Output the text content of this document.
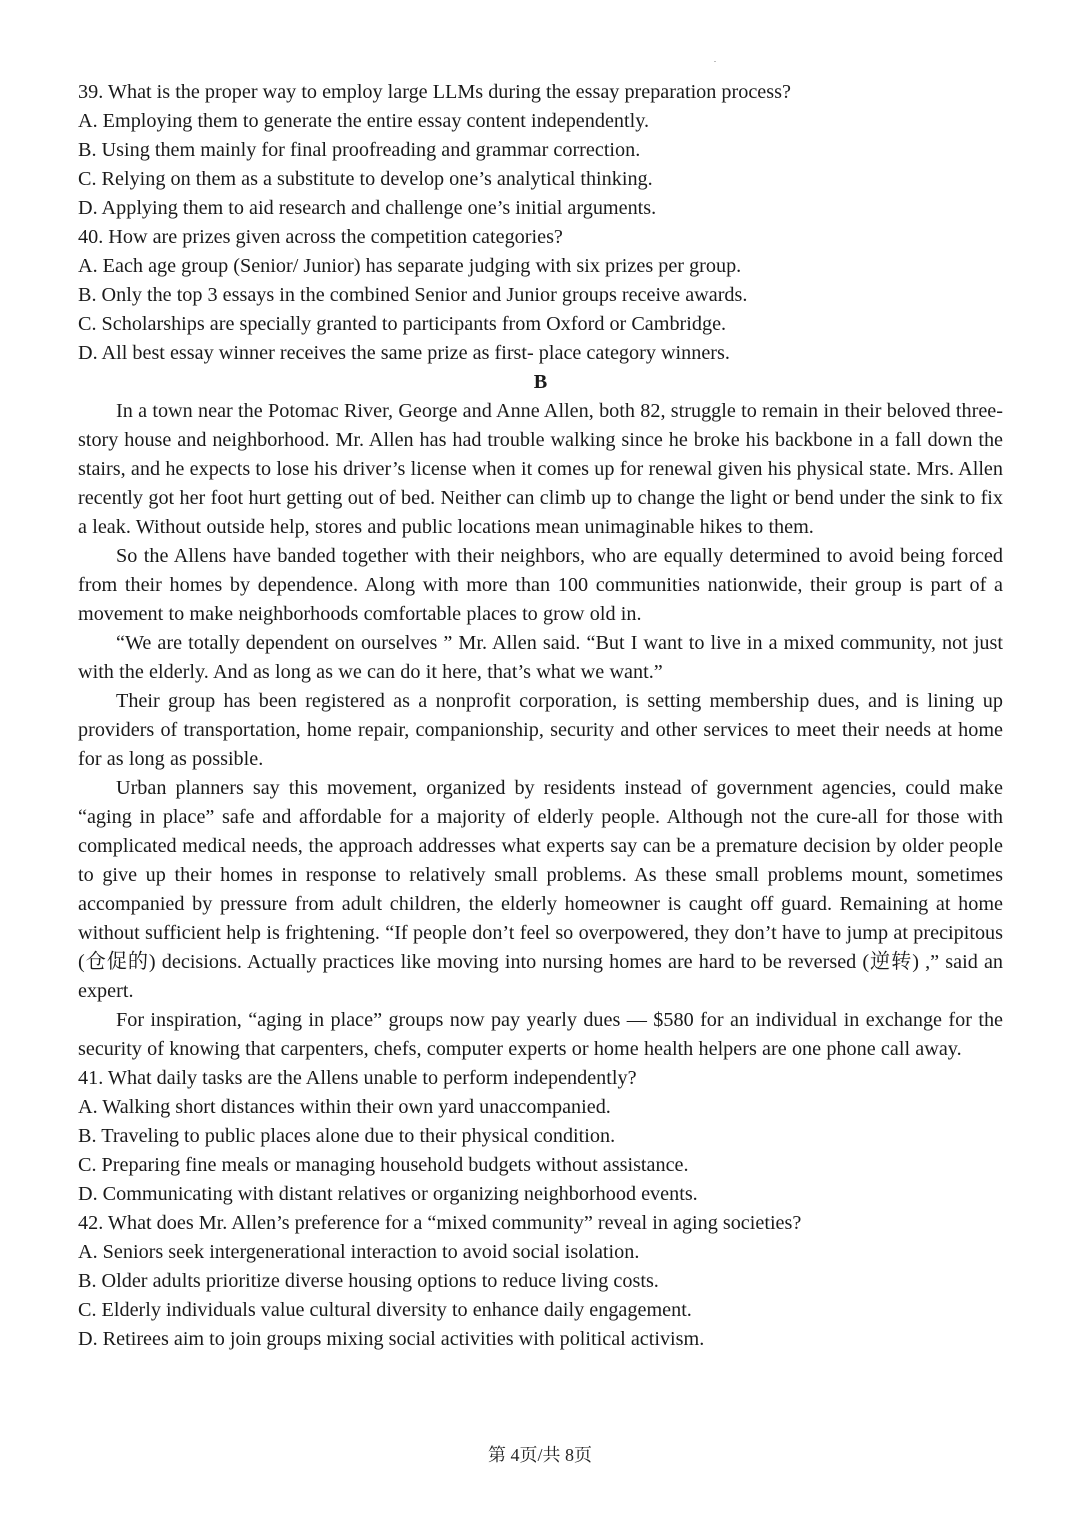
39. What is the proper way to employ large LLMs during the essay preparation process?

A. Employing them to generate the entire essay content independently.

B. Using them mainly for final proofreading and grammar correction.

C. Relying on them as a substitute to develop one’s analytical thinking.

D. Applying them to aid research and challenge one’s initial arguments.

40. How are prizes given across the competition categories?

A. Each age group (Senior/ Junior) has separate judging with six prizes per group.

B. Only the top 3 essays in the combined Senior and Junior groups receive awards.

C. Scholarships are specially granted to participants from Oxford or Cambridge.

D. All best essay winner receives the same prize as first- place category winners.

B

In a town near the Potomac River, George and Anne Allen, both 82, struggle to remain in their beloved three-story house and neighborhood. Mr. Allen has had trouble walking since he broke his backbone in a fall down the stairs, and he expects to lose his driver’s license when it comes up for renewal given his physical state. Mrs. Allen recently got her foot hurt getting out of bed. Neither can climb up to change the light or bend under the sink to fix a leak. Without outside help, stores and public locations mean unimaginable hikes to them.

So the Allens have banded together with their neighbors, who are equally determined to avoid being forced from their homes by dependence. Along with more than 100 communities nationwide, their group is part of a movement to make neighborhoods comfortable places to grow old in.

“We are totally dependent on ourselves ” Mr. Allen said. “But I want to live in a mixed community, not just with the elderly. And as long as we can do it here, that’s what we want.”

Their group has been registered as a nonprofit corporation, is setting membership dues, and is lining up providers of transportation, home repair, companionship, security and other services to meet their needs at home for as long as possible.

Urban planners say this movement, organized by residents instead of government agencies, could make “aging in place” safe and affordable for a majority of elderly people. Although not the cure-all for those with complicated medical needs, the approach addresses what experts say can be a premature decision by older people to give up their homes in response to relatively small problems. As these small problems mount, sometimes accompanied by pressure from adult children, the elderly homeowner is caught off guard. Remaining at home without sufficient help is frightening. “If people don’t feel so overpowered, they don’t have to jump at precipitous (仓促的) decisions. Actually practices like moving into nursing homes are hard to be reversed (逆转) ,” said an expert.

For inspiration, “aging in place” groups now pay yearly dues — $580 for an individual in exchange for the security of knowing that carpenters, chefs, computer experts or home health helpers are one phone call away.

41. What daily tasks are the Allens unable to perform independently?

A. Walking short distances within their own yard unaccompanied.

B. Traveling to public places alone due to their physical condition.

C. Preparing fine meals or managing household budgets without assistance.

D. Communicating with distant relatives or organizing neighborhood events.

42. What does Mr. Allen’s preference for a “mixed community” reveal in aging societies?

A. Seniors seek intergenerational interaction to avoid social isolation.

B. Older adults prioritize diverse housing options to reduce living costs.

C. Elderly individuals value cultural diversity to enhance daily engagement.

D. Retirees aim to join groups mixing social activities with political activism.

第 4页/共 8页
